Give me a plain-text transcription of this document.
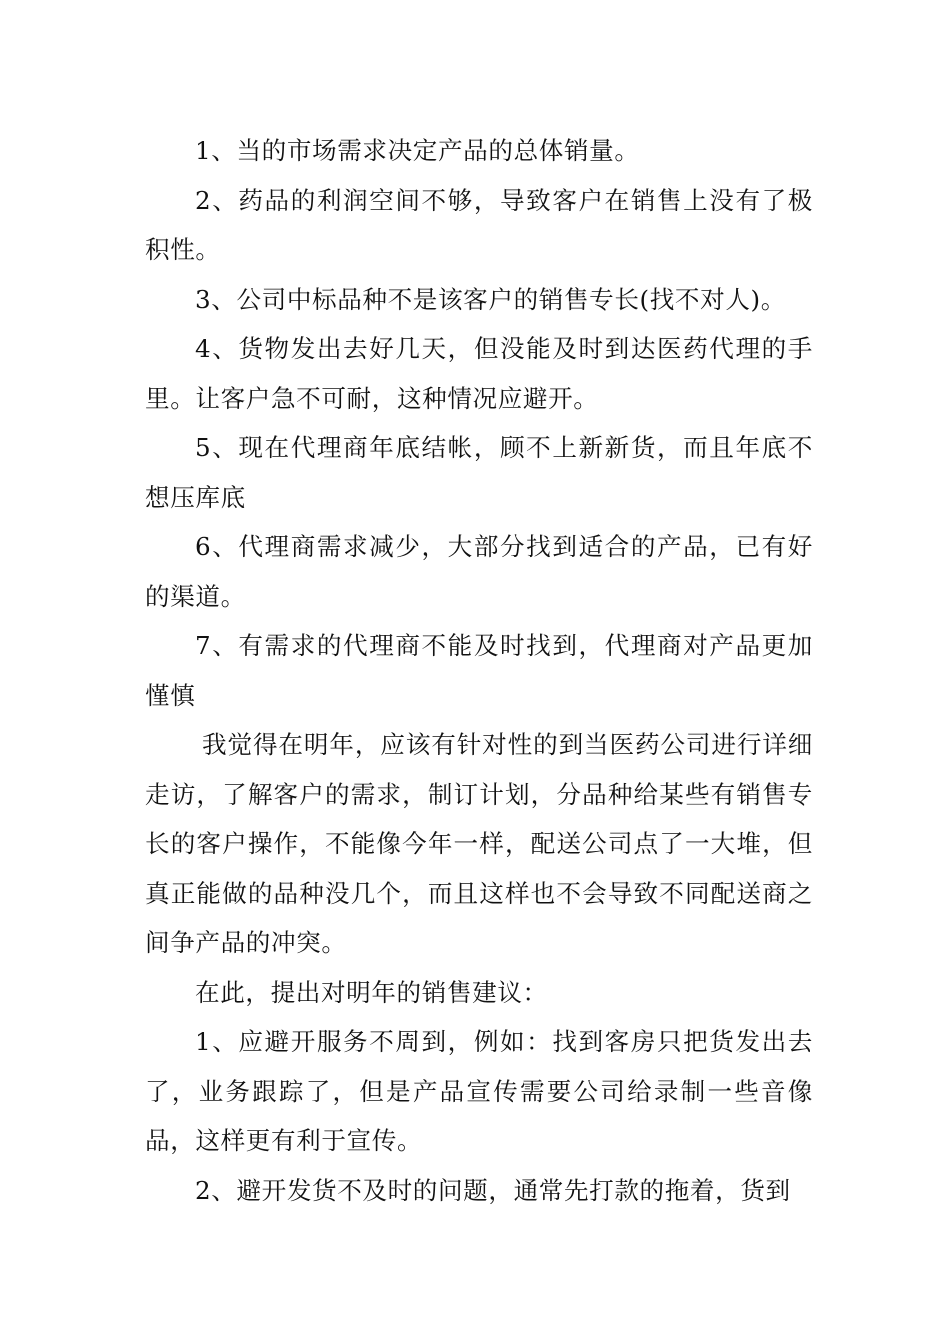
1、当的市场需求决定产品的总体销量。

2、药品的利润空间不够，导致客户在销售上没有了极积性。

3、公司中标品种不是该客户的销售专长(找不对人)。

4、货物发出去好几天，但没能及时到达医药代理的手里。让客户急不可耐，这种情况应避开。

5、现在代理商年底结帐，顾不上新新货，而且年底不想压库底

6、代理商需求减少，大部分找到适合的产品，已有好的渠道。

7、有需求的代理商不能及时找到，代理商对产品更加慬慎

我觉得在明年，应该有针对性的到当医药公司进行详细走访，了解客户的需求，制订计划，分品种给某些有销售专长的客户操作，不能像今年一样，配送公司点了一大堆，但真正能做的品种没几个，而且这样也不会导致不同配送商之间争产品的冲突。

在此，提出对明年的销售建议：

1、应避开服务不周到，例如：找到客房只把货发出去了，业务跟踪了，但是产品宣传需要公司给录制一些音像品，这样更有利于宣传。

2、避开发货不及时的问题，通常先打款的拖着，货到
